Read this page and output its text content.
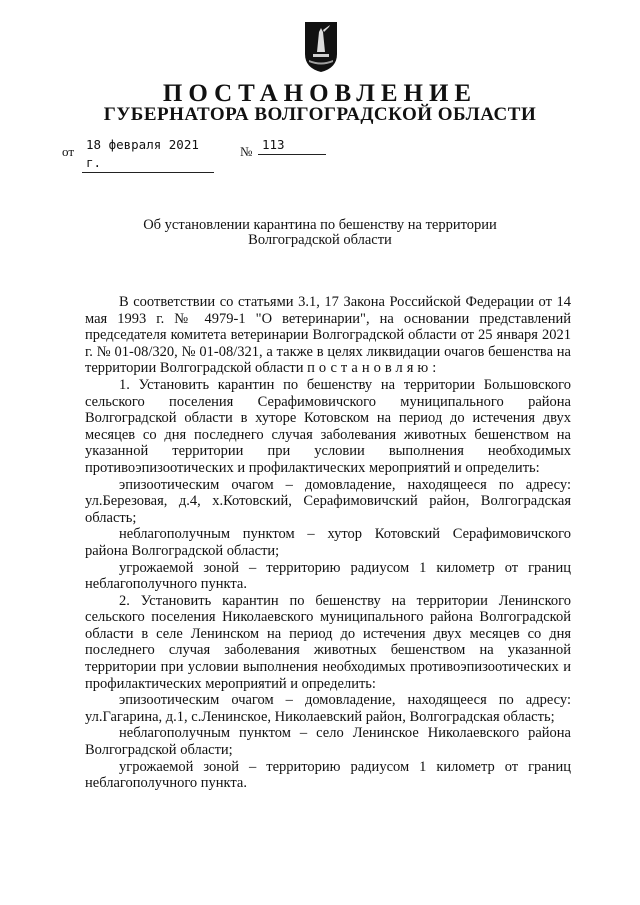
ПОСТАНОВЛЕНИЕ
ГУБЕРНАТОРА ВОЛГОГРАДСКОЙ ОБЛАСТИ
от 18 февраля 2021 г.
№ 113
Об установлении карантина по бешенству на территории
Волгоградской области

В соответствии со статьями 3.1, 17 Закона Российской Федерации от 14 мая 1993 г. № 4979-1 "О ветеринарии", на основании представлений председателя комитета ветеринарии Волгоградской области от 25 января 2021 г. № 01-08/320, № 01-08/321, а также в целях ликвидации очагов бешенства на территории Волгоградской области постановляю:

1. Установить карантин по бешенству на территории Большовского сельского поселения Серафимовичского муниципального района Волгоградской области в хуторе Котовском на период до истечения двух месяцев со дня последнего случая заболевания животных бешенством на указанной территории при условии выполнения необходимых противоэпизоотических и профилактических мероприятий и определить:

эпизоотическим очагом – домовладение, находящееся по адресу: ул.Березовая, д.4, х.Котовский, Серафимовичский район, Волгоградская область;

неблагополучным пунктом – хутор Котовский Серафимовичского района Волгоградской области;

угрожаемой зоной – территорию радиусом 1 километр от границ неблагополучного пункта.

2. Установить карантин по бешенству на территории Ленинского сельского поселения Николаевского муниципального района Волгоградской области в селе Ленинском на период до истечения двух месяцев со дня последнего случая заболевания животных бешенством на указанной территории при условии выполнения необходимых противоэпизоотических и профилактических мероприятий и определить:

эпизоотическим очагом – домовладение, находящееся по адресу: ул.Гагарина, д.1, с.Ленинское, Николаевский район, Волгоградская область;

неблагополучным пунктом – село Ленинское Николаевского района Волгоградской области;

угрожаемой зоной – территорию радиусом 1 километр от границ неблагополучного пункта.
